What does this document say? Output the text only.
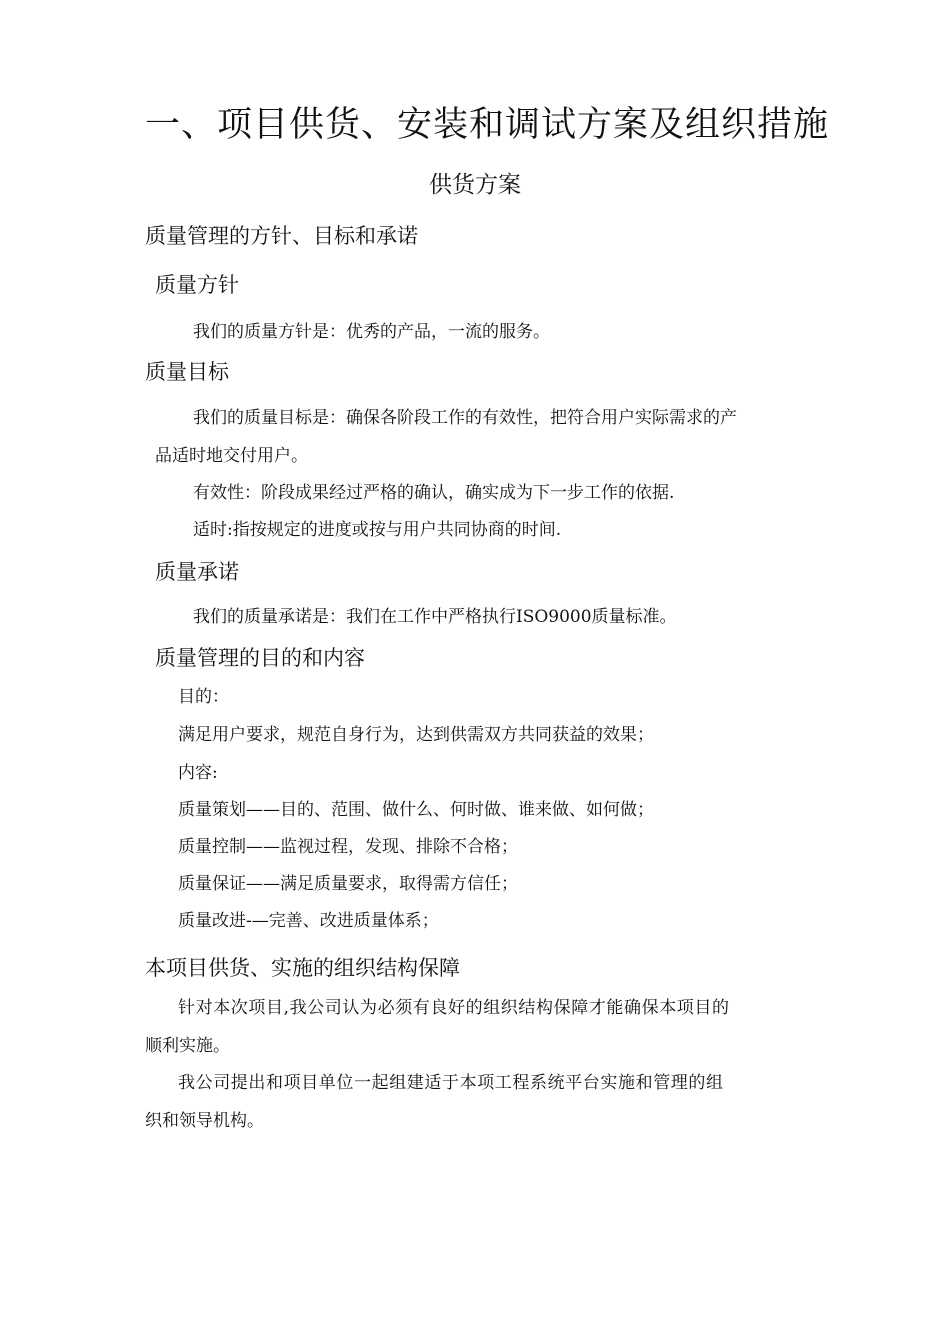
一、项目供货、安装和调试方案及组织措施
供货方案
质量管理的方针、目标和承诺
质量方针
我们的质量方针是：优秀的产品，一流的服务。
质量目标
我们的质量目标是：确保各阶段工作的有效性，把符合用户实际需求的产
品适时地交付用户。
有效性：阶段成果经过严格的确认，确实成为下一步工作的依据.
适时:指按规定的进度或按与用户共同协商的时间.
质量承诺
我们的质量承诺是：我们在工作中严格执行ISO9000质量标准。
质量管理的目的和内容
目的：
满足用户要求，规范自身行为，达到供需双方共同获益的效果；
内容:
质量策划——目的、范围、做什么、何时做、谁来做、如何做；
质量控制——监视过程，发现、排除不合格；
质量保证——满足质量要求，取得需方信任；
质量改进-—完善、改进质量体系；
本项目供货、实施的组织结构保障
针对本次项目,我公司认为必须有良好的组织结构保障才能确保本项目的
顺利实施。
我公司提出和项目单位一起组建适于本项工程系统平台实施和管理的组
织和领导机构。
